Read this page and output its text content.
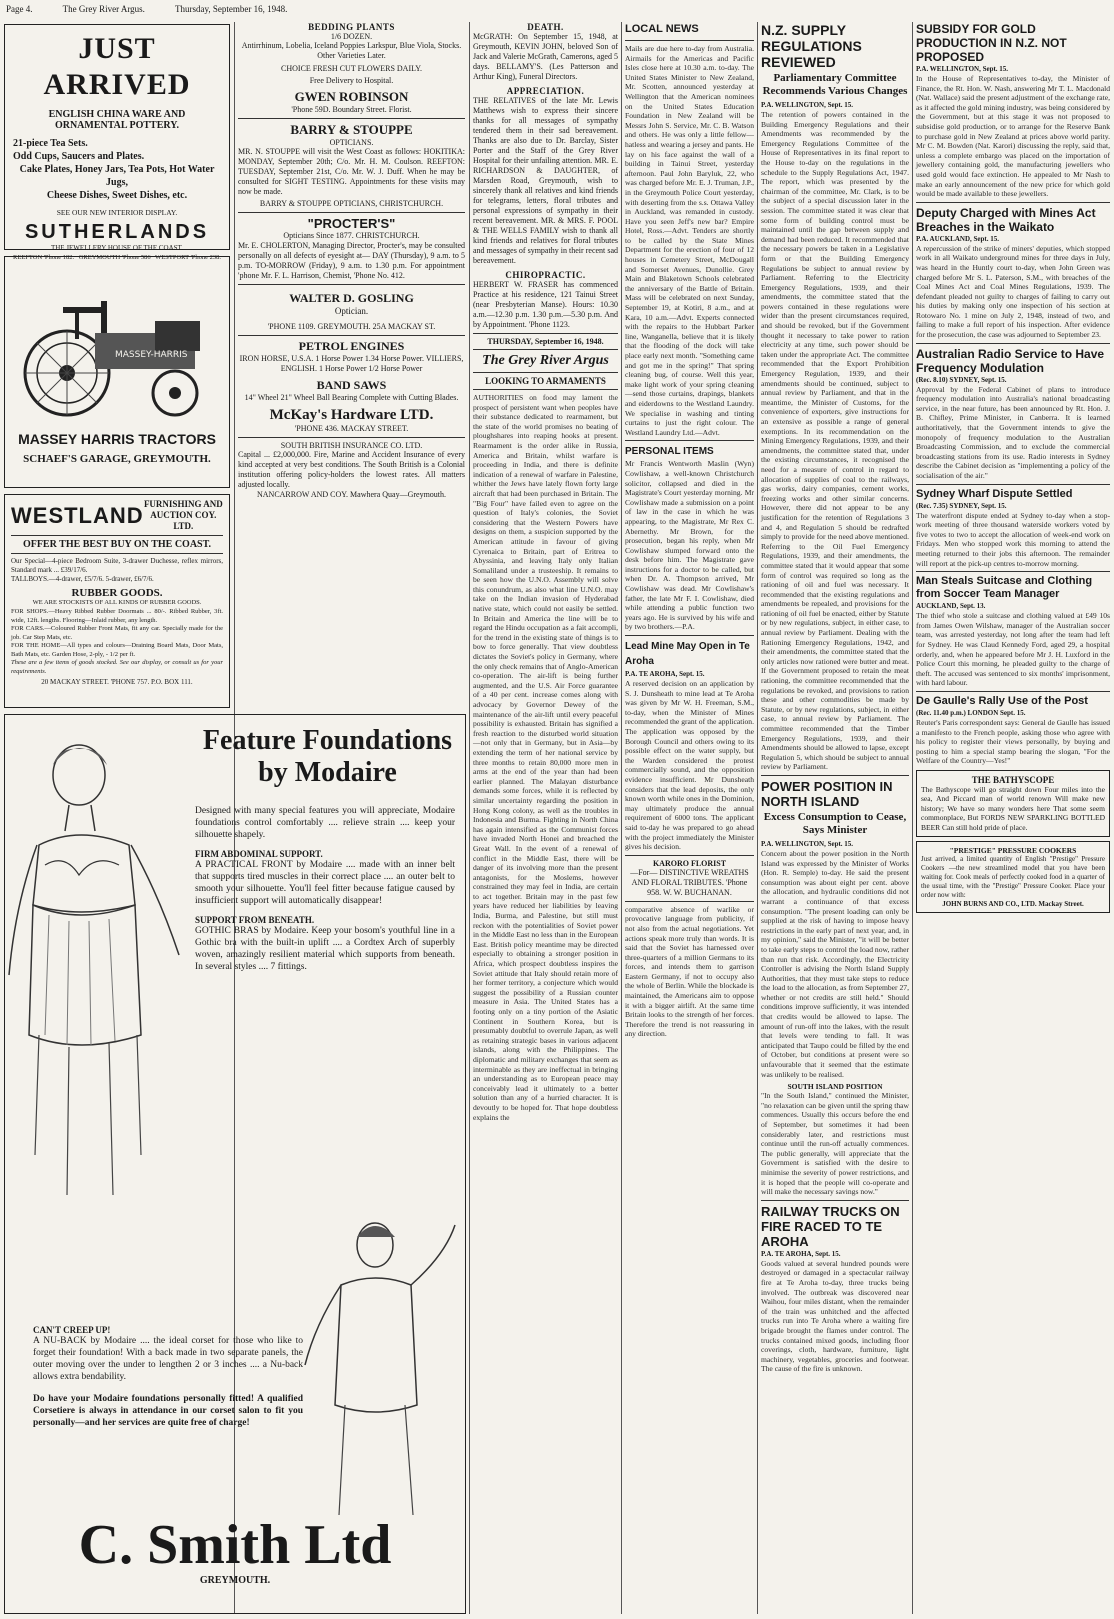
Page 4.	The Grey River Argus.	Thursday, September 16, 1948.
JUST ARRIVED
ENGLISH CHINA WARE AND
ORNAMENTAL POTTERY.
21-piece Tea Sets.
Odd Cups, Saucers and Plates.
Cake Plates, Honey Jars, Tea Pots, Hot Water Jugs,
Cheese Dishes, Sweet Dishes, etc.
SEE OUR NEW INTERIOR DISPLAY.
SUTHERLANDS
THE JEWELLERY HOUSE OF THE COAST.
REEFTON 'Phone 182. GREYMOUTH 'Phone 586 WESTPORT 'Phone 238.
MASSEY-HARRIS
MASSEY HARRIS TRACTORS
SCHAEF'S GARAGE, GREYMOUTH.
WESTLAND FURNISHING AND
AUCTION COY. LTD.
OFFER THE BEST BUY ON THE COAST.
Our Special—4-piece Bedroom Suite, 3-drawer Duchesse, reflex mirrors, Standard mark ... £39/17/6.
TALLBOYS.—4-drawer, £5/7/6. 5-drawer, £6/7/6.
RUBBER GOODS.
WE ARE STOCKISTS OF ALL KINDS OF RUBBER GOODS.
FOR SHOPS.—Heavy Ribbed Rubber Doormats ... 80/-. Ribbed Rubber, 3ft. wide, 12ft. lengths. Flooring—Inlaid rubber, any length.
FOR CARS.—Coloured Rubber Front Mats, fit any car. Specially made for the job. Car Step Mats, etc.
FOR THE HOME—All types and colours—Draining Board Mats, Door Mats, Bath Mats, etc. Garden Hose, 2-ply, - 1/2 per ft.
These are a few items of goods stocked. See our display, or consult us for your requirements.
20 MACKAY STREET. 'PHONE 757. P.O. BOX 111.
Feature Foundations
by Modaire
Designed with many special features you will appreciate, Modaire foundations control comfortably .... relieve strain .... keep your silhouette shapely.
FIRM ABDOMINAL SUPPORT.
A PRACTICAL FRONT by Modaire .... made with an inner belt that supports tired muscles in their correct place .... an outer belt to smooth your silhouette. You'll feel fitter because fatigue caused by insufficient support will automatically disappear!
SUPPORT FROM BENEATH.
GOTHIC BRAS by Modaire. Keep your bosom's youthful line in a Gothic bra with the built-in uplift .... a Cordtex Arch of superbly woven, amazingly resilient material which supports from beneath. In several styles .... 7 fittings.
CAN'T CREEP UP!
A NU-BACK by Modaire .... the ideal corset for those who like to forget their foundation! With a back made in two separate panels, the outer moving over the under to lengthen 2 or 3 inches .... a Nu-back allows extra bendability.
Do have your Modaire foundations personally fitted! A qualified Corsetiere is always in attendance in our corset salon to fit you personally—and her services are quite free of charge!
C. Smith Ltd
GREYMOUTH.
BEDDING PLANTS
1/6 DOZEN.
Antirrhinum, Lobelia, Iceland Poppies Larkspur, Blue Viola, Stocks. Other Varieties Later.
CHOICE FRESH CUT FLOWERS DAILY.
Free Delivery to Hospital.
GWEN ROBINSON
'Phone 59D. Boundary Street. Florist.
BARRY & STOUPPE
OPTICIANS.
MR. N. STOUPPE will visit the West Coast as follows: HOKITIKA: MONDAY, September 20th; C/o. Mr. H. M. Coulson. REEFTON: TUESDAY, September 21st, C/o. Mr. W. J. Duff. When he may be consulted for SIGHT TESTING. Appointments for these visits may now be made.
BARRY & STOUPPE OPTICIANS, CHRISTCHURCH.
"PROCTER'S"
Opticians Since 1877. CHRISTCHURCH.
Mr. E. CHOLERTON, Managing Director, Procter's, may be consulted personally on all defects of eyesight at— DAY (Thursday), 9 a.m. to 5 p.m. TO-MORROW (Friday), 9 a.m. to 1.30 p.m. For appointment 'phone Mr. F. L. Harrison, Chemist, 'Phone No. 412.
WALTER D. GOSLING
Optician.
'PHONE 1109. GREYMOUTH. 25A MACKAY ST.
PETROL ENGINES
IRON HORSE, U.S.A. 1 Horse Power 1.34 Horse Power. VILLIERS, ENGLISH. 1 Horse Power 1/2 Horse Power
BAND SAWS
14" Wheel 21" Wheel Ball Bearing Complete with Cutting Blades.
McKay's Hardware LTD.
'PHONE 436. MACKAY STREET.
SOUTH BRITISH INSURANCE CO. LTD.
Capital ... £2,000,000. Fire, Marine and Accident Insurance of every kind accepted at very best conditions. The South British is a Colonial institution offering policy-holders the lowest rates. All matters adjusted locally.
NANCARROW AND COY. Mawhera Quay—Greymouth.
DEATH.
McGRATH: On September 15, 1948, at Greymouth, KEVIN JOHN, beloved Son of Jack and Valerie McGrath, Camerons, aged 5 days. BELLAMY'S. (Les Patterson and Arthur King), Funeral Directors.
APPRECIATION.
THE RELATIVES of the late Mr. Lewis Matthews wish to express their sincere thanks for all messages of sympathy tendered them in their sad bereavement. Thanks are also due to Dr. Barclay, Sister Porter and the Staff of the Grey River Hospital for their unfailing attention. MR. E. RICHARDSON & DAUGHTER, of Marsden Road, Greymouth, wish to sincerely thank all relatives and kind friends for telegrams, letters, floral tributes and personal expressions of sympathy in their recent bereavement. MR. & MRS. F. POOL & THE WELLS FAMILY wish to thank all kind friends and relatives for floral tributes and messages of sympathy in their recent sad bereavement.
CHIROPRACTIC.
HERBERT W. FRASER has commenced Practice at his residence, 121 Tainui Street (near Presbyterian Manse). Hours: 10.30 a.m.—12.30 p.m. 1.30 p.m.—5.30 p.m. And by Appointment. 'Phone 1123.
THURSDAY, September 16, 1948.
The Grey River Argus
LOOKING TO ARMAMENTS
AUTHORITIES on food may lament the prospect of persistent want when peoples have their substance dedicated to rearmament, but the state of the world promises no beating of ploughshares into reaping hooks at present. Rearmament is the order alike in Russia, America and Britain, whilst warfare is proceeding in India, and there is definite indication of a renewal of warfare in Palestine, whither the Jews have lately flown forty large aircraft that had been purchased in Britain. The "Big Four" have failed even to agree on the question of Italy's colonies, the Soviet considering that the Western Powers have designs on them, a suspicion supported by the American attitude in favour of giving Cyrenaica to Britain, part of Eritrea to Abyssinia, and leaving Italy only Italian Somaliland under a trusteeship. It remains to be seen how the U.N.O. Assembly will solve this conundrum, as also what line U.N.O. may take on the Indian invasion of Hyderabad native state, which could not easily be settled. In Britain and America the line will be to regard the Hindu occupation as a fait accompli, for the trend in the existing state of things is to bow to force generally. That view doubtless dictates the Soviet's policy in Germany, where the only check remains that of Anglo-American co-operation. The air-lift is being further augmented, and the U.S. Air Force guarantee of a 40 per cent. increase comes along with advocacy by Governor Dewey of the maintenance of the air-lift until every peaceful possibility is exhausted. Britain has signified a fresh reaction to the disturbed world situation—not only that in Germany, but in Asia—by extending the term of her national service by three months to retain 80,000 more men in arms at the end of the year than had been earlier planned. The Malayan disturbance demands some forces, while it is reflected by similar uncertainty regarding the position in Hong Kong colony, as well as the troubles in Indonesia and Burma. Fighting in North China has again intensified as the Communist forces have invaded North Honei and breached the Great Wall. In the event of a renewal of conflict in the Middle East, there will be danger of its involving more than the present antagonists, for the Moslems, however constrained they may feel in India, are certain to act together. Britain may in the past few years have reduced her liabilities by leaving India, Burma, and Palestine, but still must reckon with the potentialities of Soviet power in the Middle East no less than in the European East. British policy meantime may be directed especially to obtaining a stronger position in Africa, which prospect doubtless inspires the Soviet attitude that Italy should retain more of her former territory, a conjecture which would suggest the possibility of a Russian counter measure in Asia. The United States has a footing only on a tiny portion of the Asiatic Continent in Southern Korea, but is presumably doubtful to overrule Japan, as well as retaining strategic bases in various adjacent islands, along with the Philippines. The diplomatic and military exchanges that seem as interminable as they are ineffectual in bringing an understanding as to European peace may conceivably lead it ultimately to a better solution than any of a hurried character. It is devoutly to be hoped for. That hope doubtless explains the
LOCAL NEWS
Mails are due here to-day from Australia. Airmails for the Americas and Pacific Isles close here at 10.30 a.m. to-day. The United States Minister to New Zealand, Mr. Scotten, announced yesterday at Wellington that the American nominees on the United States Education Foundation in New Zealand will be Messrs John S. Service, Mr. C. B. Watson and others. He was only a little fellow—hatless and wearing a jersey and pants. He lay on his face against the wall of a building in Tainui Street, yesterday afternoon. Paul John Baryluk, 22, who was charged before Mr. E. J. Truman, J.P., in the Greymouth Police Court yesterday, with deserting from the s.s. Ottawa Valley in Auckland, was remanded in custody. Have you seen Jeff's new bar? Empire Hotel, Ross.—Advt. Tenders are shortly to be called by the State Mines Department for the erection of four of 12 houses in Cemetery Street, McDougall and Somerset Avenues, Dunollie. Grey Main and Blaketown Schools celebrated the anniversary of the Battle of Britain. Mass will be celebrated on next Sunday, September 19, at Kotiri, 8 a.m., and at Kara, 10 a.m.—Advt. Experts connected with the repairs to the Hubbart Parker line, Wanganella, believe that it is likely that the flooding of the dock will take place early next month. "Something came and got me in the spring!" That spring cleaning bug, of course. Well this year, make light work of your spring cleaning—send those curtains, drapings, blankets and eiderdowns to the Westland Laundry. We specialise in washing and tinting curtains to just the right colour. The Westland Laundry Ltd.—Advt.
PERSONAL ITEMS
Mr Francis Wentworth Maslin (Wyn) Cowlishaw, a well-known Christchurch solicitor, collapsed and died in the Magistrate's Court yesterday morning. Mr Cowlishaw made a submission on a point of law in the case in which he was appearing, to the Magistrate, Mr Rex C. Abernethy. Mr Brown, for the prosecution, began his reply, when Mr Cowlishaw slumped forward onto the desk before him. The Magistrate gave instructions for a doctor to be called, but when Dr. A. Thompson arrived, Mr Cowlishaw was dead. Mr Cowlishaw's father, the late Mr F. I. Cowlishaw, died while attending a public function two years ago. He is survived by his wife and by two brothers.—P.A.
Lead Mine May Open in Te Aroha
P.A. TE AROHA, Sept. 15.
A reserved decision on an application by S. J. Dunsheath to mine lead at Te Aroha was given by Mr W. H. Freeman, S.M., to-day, when the Minister of Mines recommended the grant of the application. The application was opposed by the Borough Council and others owing to its possible effect on the water supply, but the Warden considered the protest commercially sound, and the opposition evidence insufficient. Mr Dunsheath considers that the lead deposits, the only known worth while ones in the Dominion, may ultimately produce the annual requirement of 6000 tons. The applicant said to-day he was prepared to go ahead with the project immediately the Minister gives his decision.
KARORO FLORIST
—For— DISTINCTIVE WREATHS AND FLORAL TRIBUTES. 'Phone 958. W. W. BUCHANAN.
comparative absence of warlike or provocative language from publicity, if not also from the actual negotiations. Yet actions speak more truly than words. It is said that the Soviet has harnessed over three-quarters of a million Germans to its forces, and intends them to garrison Eastern Germany, if not to occupy also the whole of Berlin. While the blockade is maintained, the Americans aim to oppose it with a bigger airlift. At the same time Britain looks to the strength of her forces. Therefore the trend is not reassuring in any direction.
N.Z. SUPPLY REGULATIONS REVIEWED
Parliamentary Committee Recommends Various Changes
P.A. WELLINGTON, Sept. 15.
The retention of powers contained in the Building Emergency Regulations and their Amendments was recommended by the Emergency Regulations Committee of the House of Representatives in its final report to the House to-day on the regulations in the schedule to the Supply Regulations Act, 1947. The report, which was presented by the chairman of the committee, Mr. Clark, is to be the subject of a special discussion later in the session. The committee stated it was clear that some form of building control must be maintained until the gap between supply and demand had been reduced. It recommended that the necessary powers be taken in a Legislative form or that the Building Emergency Regulations be subject to annual review by Parliament. Referring to the Electricity Emergency Regulations, 1939, and their amendments, the committee stated that the powers contained in these regulations were wider than the present circumstances required, and should be revoked, but if the Government thought it necessary to take power to ration electricity at any time, such power should be taken under the appropriate Act. The committee recommended that the Export Prohibition Emergency Regulation, 1939, and their amendments should be continued, subject to annual review by Parliament, and that in the meantime, the Minister of Customs, for the convenience of exporters, give instructions for an extensive as possible a range of general exemptions. In its recommendation on the Mining Emergency Regulations, 1939, and their amendments, the committee stated that, under the existing circumstances, it recognised the need for a measure of control in regard to allocation of supplies of coal to the railways, gas works, dairy companies, cement works, freezing works and other similar concerns. However, there did not appear to be any justification for the retention of Regulations 3 and 4, and Regulation 5 should be redrafted simply to provide for the need above mentioned. Referring to the Oil Fuel Emergency Regulations, 1939, and their amendments, the committee stated that it would appear that some form of control was required so long as the rationing of oil and fuel was necessary. It recommended that the existing regulations and amendments be repealed, and provisions for the rationing of oil fuel be enacted, either by Statute or by new regulations, subject, in either case, to annual review by Parliament. Dealing with the Rationing Emergency Regulations, 1942, and their amendments, the committee stated that the only articles now rationed were butter and meat. If the Government proposed to retain the meat rationing, the committee recommended that the regulations be revoked, and provisions to ration these and other commodities be made by Statute, or by new regulations, subject, in either case, to annual review by Parliament. The committee recommended that the Timber Emergency Regulations, 1939, and their Amendments should be allowed to lapse, except Regulation 5, which should be subject to annual review by Parliament.
POWER POSITION IN NORTH ISLAND
Excess Consumption to Cease, Says Minister
P.A. WELLINGTON, Sept. 15.
Concern about the power position in the North Island was expressed by the Minister of Works (Hon. R. Semple) to-day. He said the present consumption was about eight per cent. above the allocation, and hydraulic conditions did not warrant a continuance of that excess consumption. "The present loading can only be supplied at the risk of having to impose heavy restrictions in the early part of next year, and, in my opinion," said the Minister, "it will be better to take early steps to control the load now, rather than run that risk. Accordingly, the Electricity Controller is advising the North Island Supply Authorities, that they must take steps to reduce the load to the allocation, as from September 27, whether or not credits are still held." Should conditions improve sufficiently, it was intended that credits would be allowed to lapse. The amount of run-off into the lakes, with the result that levels were tending to fall. It was anticipated that Taupo could be filled by the end of October, but conditions at present were so unfavourable that it seemed that the estimate was unlikely to be realised.
SOUTH ISLAND POSITION
"In the South Island," continued the Minister, "no relaxation can be given until the spring thaw commences. Usually this occurs before the end of September, but sometimes it had been considerably later, and restrictions must continue until the run-off actually commences. The public generally, will appreciate that the Government is satisfied with the desire to minimise the severity of power restrictions, and it is hoped that the people will co-operate and will make the necessary savings now."
RAILWAY TRUCKS ON FIRE RACED TO TE AROHA
P.A. TE AROHA, Sept. 15.
Goods valued at several hundred pounds were destroyed or damaged in a spectacular railway fire at Te Aroha to-day, three trucks being involved. The outbreak was discovered near Waihou, four miles distant, when the remainder of the train was unhitched and the affected trucks run into Te Aroha where a waiting fire brigade brought the flames under control. The trucks contained mixed goods, including floor coverings, cloth, hardware, furniture, light machinery, vegetables, groceries and footwear. The cause of the fire is unknown.
SUBSIDY FOR GOLD PRODUCTION IN N.Z. NOT PROPOSED
P.A. WELLINGTON, Sept. 15.
In the House of Representatives to-day, the Minister of Finance, the Rt. Hon. W. Nash, answering Mr T. L. Macdonald (Nat. Wallace) said the present adjustment of the exchange rate, as it affected the gold mining industry, was being considered by the Government, but at this stage it was not proposed to subsidise gold production, or to arrange for the Reserve Bank to purchase gold in New Zealand at prices above world parity. Mr C. M. Bowden (Nat. Karori) discussing the reply, said that, unless a complete embargo was placed on the importation of jewellery containing gold, the manufacturing jewellers who used gold would face extinction. He appealed to Mr Nash to make an early announcement of the new price for which gold would be made available to these jewellers.
Deputy Charged with Mines Act Breaches in the Waikato
P.A. AUCKLAND, Sept. 15.
A repercussion of the strike of miners' deputies, which stopped work in all Waikato underground mines for three days in July, was heard in the Huntly court to-day, when John Green was charged before Mr S. L. Paterson, S.M., with breaches of the Coal Mines Act and Coal Mines Regulations, 1939. The defendant pleaded not guilty to charges of failing to carry out his duties by making only one inspection of his section at Rotowaro No. 1 mine on July 2, 1948, instead of two, and failing to make a full report of his inspection. After evidence for the prosecution, the case was adjourned to September 23.
Australian Radio Service to Have Frequency Modulation
(Rec. 8.10) SYDNEY, Sept. 15.
Approval by the Federal Cabinet of plans to introduce frequency modulation into Australia's national broadcasting service, in the near future, has been announced by Rt. Hon. J. B. Chifley, Prime Minister, in Canberra. It is learned authoritatively, that the Government intends to give the monopoly of frequency modulation to the Australian Broadcasting Commission, and to exclude the commercial broadcasting stations from its use. Radio interests in Sydney describe the Cabinet decision as "implementing a policy of the socialisation of the air."
Sydney Wharf Dispute Settled
(Rec. 7.35) SYDNEY, Sept. 15.
The waterfront dispute ended at Sydney to-day when a stop-work meeting of three thousand waterside workers voted by five votes to two to accept the allocation of week-end work on Fridays. Men who stopped work this morning to attend the meeting returned to their jobs this afternoon. The remainder will report at the pick-up centres to-morrow morning.
Man Steals Suitcase and Clothing from Soccer Team Manager
AUCKLAND, Sept. 13.
The thief who stole a suitcase and clothing valued at £49 10s from James Owen Wilshaw, manager of the Australian soccer team, was arrested yesterday, not long after the team had left for Sydney. He was Claud Kennedy Ford, aged 29, a hospital orderly, and, when he appeared before Mr J. H. Luxford in the Police Court this morning, he pleaded guilty to the charge of theft. The accused was sentenced to six months' imprisonment, with hard labour.
De Gaulle's Rally Use of the Post
(Rec. 11.40 p.m.) LONDON Sept. 15.
Reuter's Paris correspondent says: General de Gaulle has issued a manifesto to the French people, asking those who agree with his policy to register their views personally, by buying and posting to him a special stamp bearing the slogan, "For the Welfare of the Country—Yes!"
THE BATHYSCOPE
The Bathyscope will go straight down Four miles into the sea, And Piccard man of world renown Will make new history; We have so many wonders here That some seem commonplace, But FORDS NEW SPARKLING BOTTLED BEER Can still hold pride of place.
"PRESTIGE" PRESSURE COOKERS
Just arrived, a limited quantity of English "Prestige" Pressure Cookers —the new streamlined model that you have been waiting for. Cook meals of perfectly cooked food in a quarter of the usual time, with the "Prestige" Pressure Cooker. Place your order now with:
JOHN BURNS AND CO., LTD. Mackay Street.
